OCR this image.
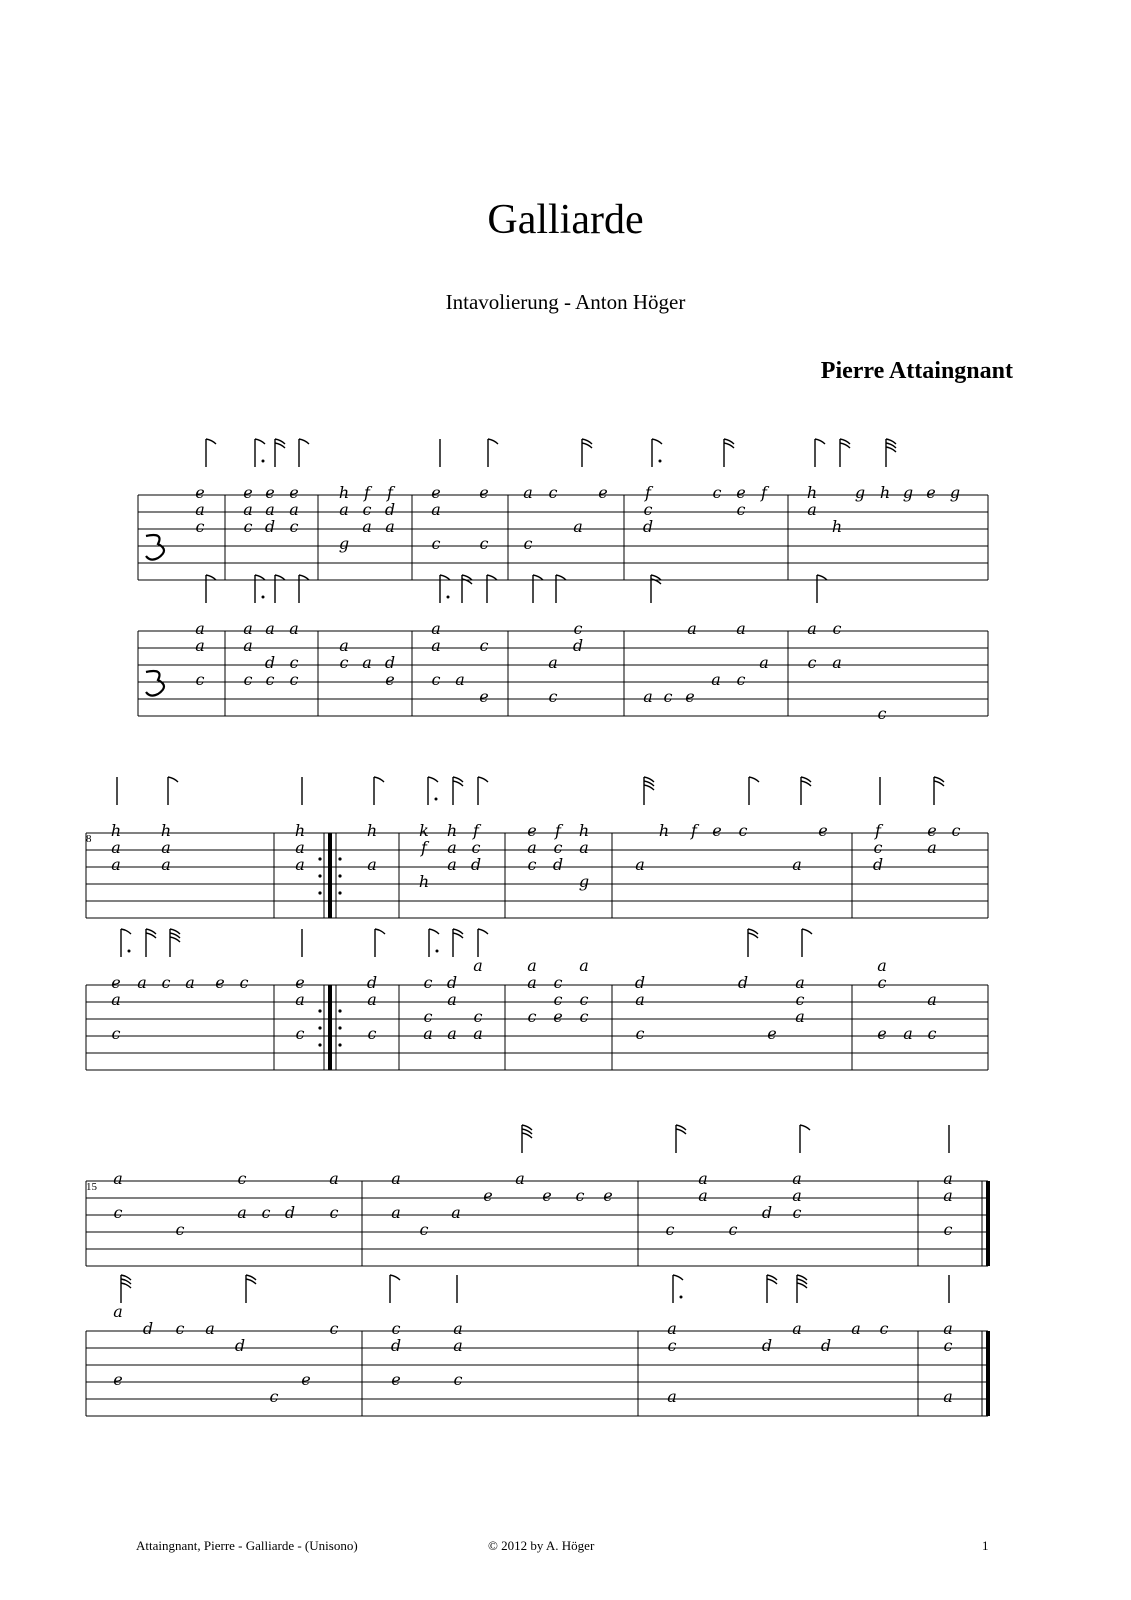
Galliarde
Intavolierung - Anton Höger
Pierre Attaingnant
8
15
a
c
e e
a
c
e
a
d
e
a
c
h
a
g
f
c
a
f
d
a
e
a
c
e
c
a
c
c
a
e f
c
d
c e
c
f h
a
h
g h g e g
a
a
c
a
a
c
a
d
c
a
c
c
a
c a d
e
a
a
c a
c
e
a
c
c
d
a c e
a
a
a
c
a
a
c
c
a
c
h
a
a
h
a
a
h
a
a
h
a
k
f
h
h
a
a
f
c
d
e
a
c
f
c
d
h
a
g
a
h f e c
a
e	f
c
d
e
a
c
e
a
c
a c a e c	e
a
c
d
a
c
c
c
a
d
a
a
a
c
a
a
a
c
c
c
e
a
c
c
d
a
c
d
e
a
c
a
a
c
e a
a
c
a
c
c
c
a c d
a
c
a
a
c
a
e
a
e c e
c
a
a
c
d
a
a
c
a
a
c
a
e
d c a
d
c
e
c	c
d
e
a
a
c
a
c
a
d
a
d
a c	a
c
a
Attaingnant, Pierre - Galliarde - (Unisono)	© 2012 by A. Höger	1
